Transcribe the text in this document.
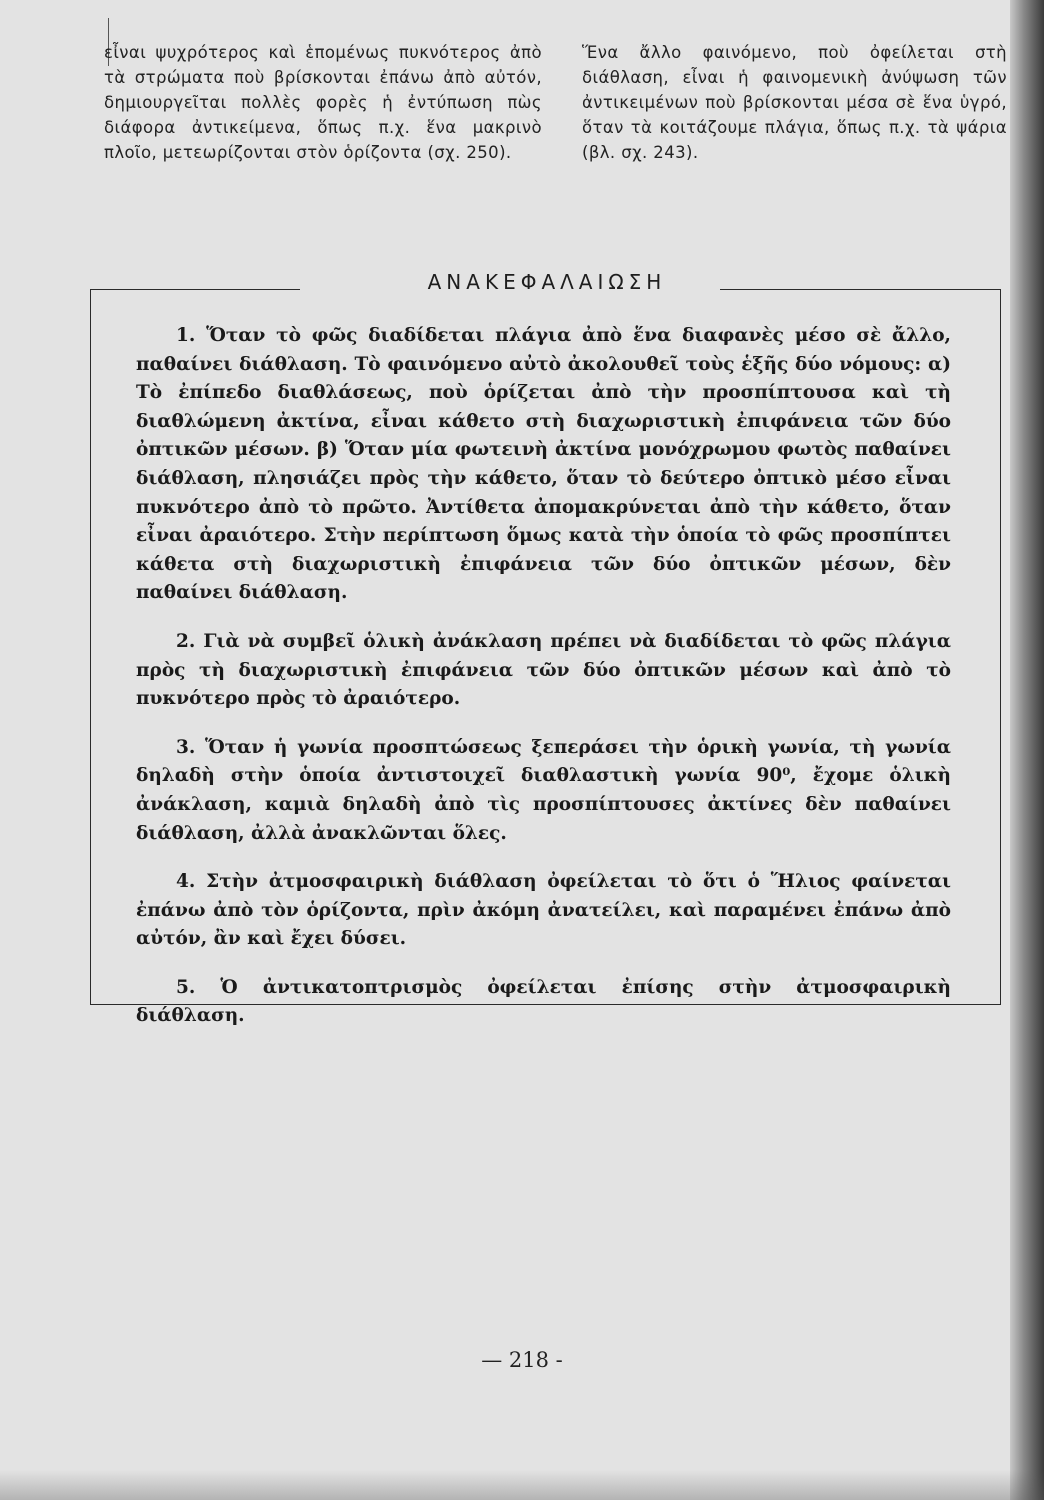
εἶναι ψυχρότερος καὶ ἑπομένως πυκνότερος ἀπὸ τὰ στρώματα ποὺ βρίσκονται ἐπάνω ἀπὸ αὐτόν, δημιουργεῖται πολλὲς φορὲς ἡ ἐντύπωση πὼς διάφορα ἀντικείμενα, ὅπως π.χ. ἕνα μακρινὸ πλοῖο, μετεωρίζονται στὸν ὁρίζοντα (σχ. 250).
Ἕνα ἄλλο φαινόμενο, ποὺ ὀφείλεται στὴ διάθλαση, εἶναι ἡ φαινομενικὴ ἀνύψωση τῶν ἀντικειμένων ποὺ βρίσκονται μέσα σὲ ἕνα ὑγρό, ὅταν τὰ κοιτάζουμε πλάγια, ὅπως π.χ. τὰ ψάρια (βλ. σχ. 243).
ΑΝΑΚΕΦΑΛΑΙΩΣΗ

1. Ὅταν τὸ φῶς διαδίδεται πλάγια ἀπὸ ἕνα διαφανὲς μέσο σὲ ἄλλο, παθαίνει διάθλαση. Τὸ φαινόμενο αὐτὸ ἀκολουθεῖ τοὺς ἑξῆς δύο νόμους: α) Τὸ ἐπίπεδο διαθλάσεως, ποὺ ὁρίζεται ἀπὸ τὴν προσπίπτουσα καὶ τὴ διαθλώμενη ἀκτίνα, εἶναι κάθετο στὴ διαχωριστικὴ ἐπιφάνεια τῶν δύο ὀπτικῶν μέσων. β) Ὅταν μία φωτεινὴ ἀκτίνα μονόχρωμου φωτὸς παθαίνει διάθλαση, πλησιάζει πρὸς τὴν κάθετο, ὅταν τὸ δεύτερο ὀπτικὸ μέσο εἶναι πυκνότερο ἀπὸ τὸ πρῶτο. Ἀντίθετα ἀπομακρύνεται ἀπὸ τὴν κάθετο, ὅταν εἶναι ἀραιότερο. Στὴν περίπτωση ὅμως κατὰ τὴν ὁποία τὸ φῶς προσπίπτει κάθετα στὴ διαχωριστικὴ ἐπιφάνεια τῶν δύο ὀπτικῶν μέσων, δὲν παθαίνει διάθλαση.

2. Γιὰ νὰ συμβεῖ ὁλικὴ ἀνάκλαση πρέπει νὰ διαδίδεται τὸ φῶς πλάγια πρὸς τὴ διαχωριστικὴ ἐπιφάνεια τῶν δύο ὀπτικῶν μέσων καὶ ἀπὸ τὸ πυκνότερο πρὸς τὸ ἀραιότερο.

3. Ὅταν ἡ γωνία προσπτώσεως ξεπεράσει τὴν ὁρικὴ γωνία, τὴ γωνία δηλαδὴ στὴν ὁποία ἀντιστοιχεῖ διαθλαστικὴ γωνία 90⁰, ἔχομε ὁλικὴ ἀνάκλαση, καμιὰ δηλαδὴ ἀπὸ τὶς προσπίπτουσες ἀκτίνες δὲν παθαίνει διάθλαση, ἀλλὰ ἀνακλῶνται ὅλες.

4. Στὴν ἀτμοσφαιρικὴ διάθλαση ὀφείλεται τὸ ὅτι ὁ Ἥλιος φαίνεται ἐπάνω ἀπὸ τὸν ὁρίζοντα, πρὶν ἀκόμη ἀνατείλει, καὶ παραμένει ἐπάνω ἀπὸ αὐτόν, ἂν καὶ ἔχει δύσει.

5. Ὁ ἀντικατοπτρισμὸς ὀφείλεται ἐπίσης στὴν ἀτμοσφαιρικὴ διάθλαση.

— 218 -
